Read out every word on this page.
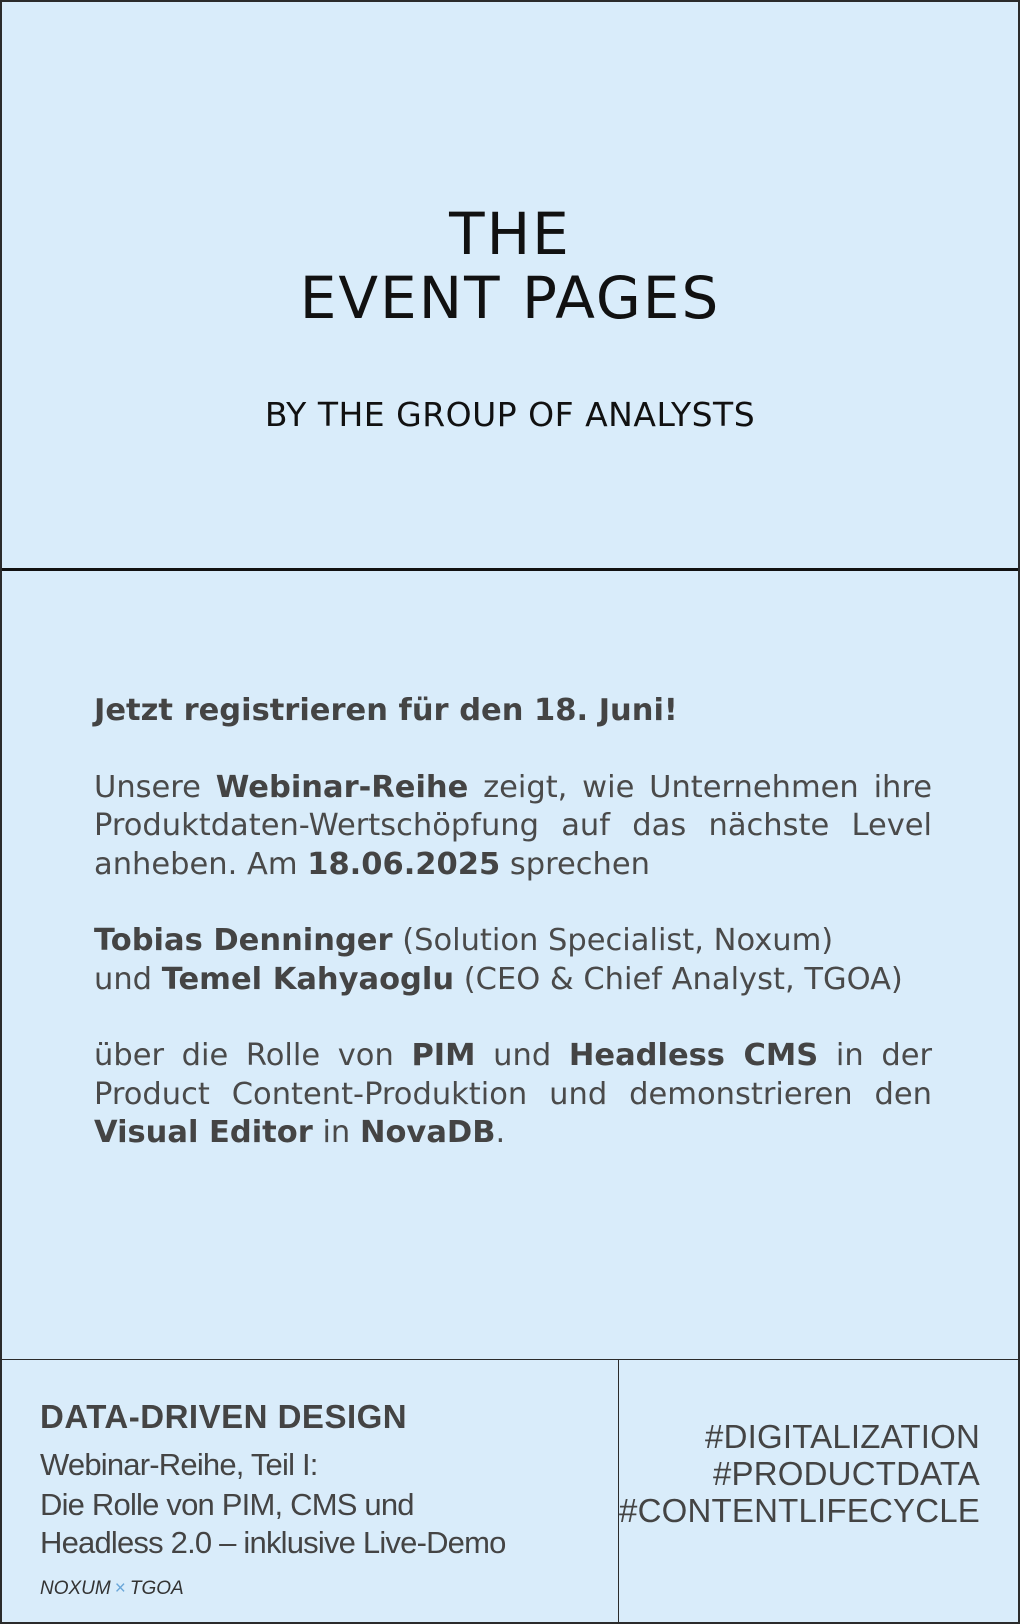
THE
EVENT PAGES
BY THE GROUP OF ANALYSTS

Jetzt registrieren für den 18. Juni!

Unsere Webinar-Reihe zeigt, wie Unternehmen ihre Produktdaten-Wertschöpfung auf das nächste Level anheben. Am 18.06.2025 sprechen

Tobias Denninger (Solution Specialist, Noxum)
und Temel Kahyaoglu (CEO & Chief Analyst, TGOA)

über die Rolle von PIM und Headless CMS in der Product Content-Produktion und demonstrieren den Visual Editor in NovaDB.

DATA-DRIVEN DESIGN
Webinar-Reihe, Teil I:
Die Rolle von PIM, CMS und
Headless 2.0 – inklusive Live-Demo
NOXUM × TGOA
#DIGITALIZATION
#PRODUCTDATA
#CONTENTLIFECYCLE
